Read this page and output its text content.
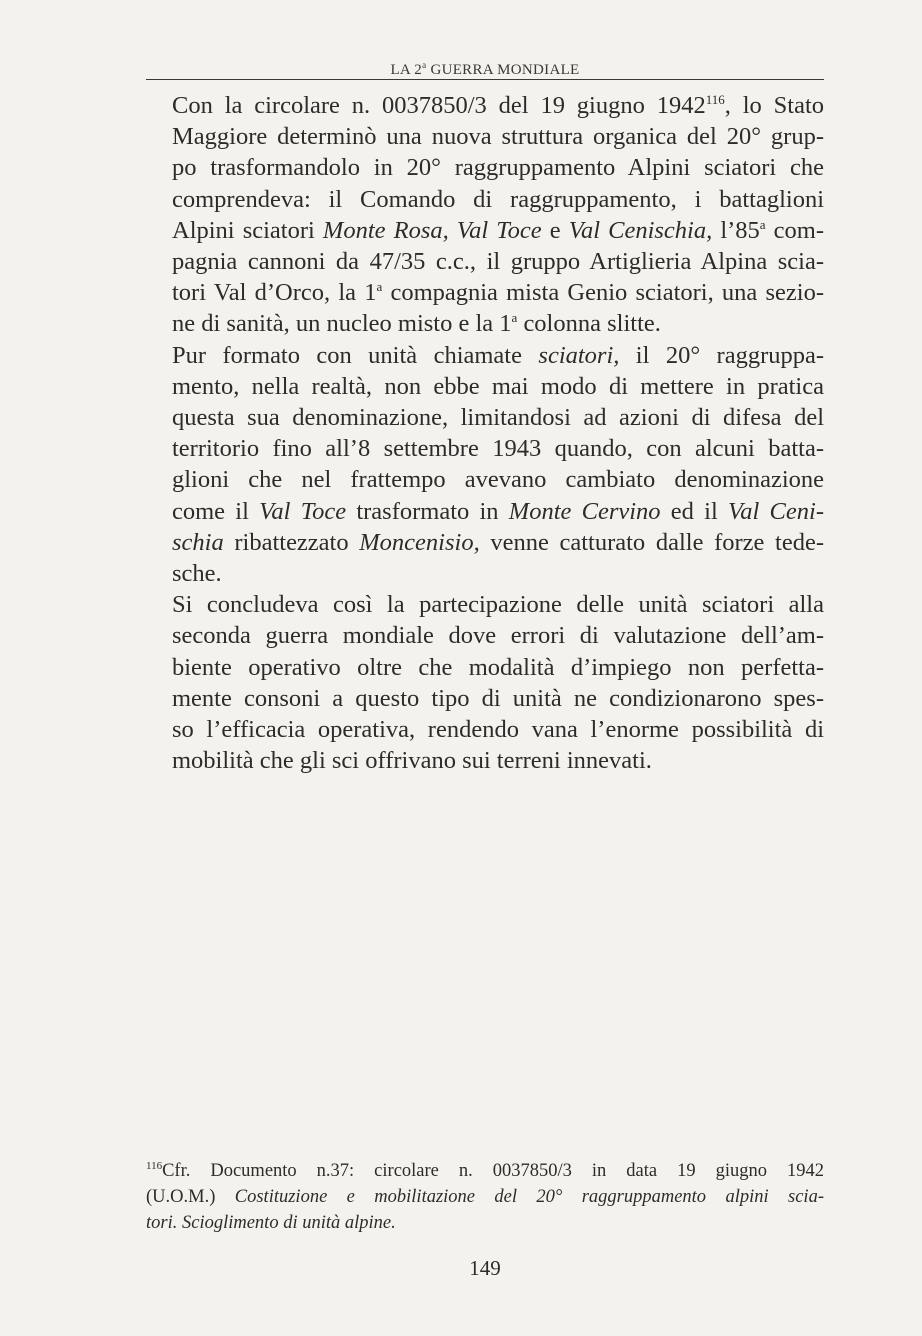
LA 2$^a$ GUERRA MONDIALE

Con la circolare n. 0037850/3 del 19 giugno 1942$^{116}$, lo Stato
Maggiore determinò una nuova struttura organica del 20° grup-
po trasformandolo in 20° raggruppamento Alpini sciatori che
comprendeva: il Comando di raggruppamento, i battaglioni
Alpini sciatori Monte Rosa, Val Toce e Val Cenischia, l’85$^a$ com-
pagnia cannoni da 47/35 c.c., il gruppo Artiglieria Alpina scia-
tori Val d’Orco, la 1$^a$ compagnia mista Genio sciatori, una sezio-
ne di sanità, un nucleo misto e la 1$^a$ colonna slitte.

Pur formato con unità chiamate sciatori, il 20° raggruppa-
mento, nella realtà, non ebbe mai modo di mettere in pratica
questa sua denominazione, limitandosi ad azioni di difesa del
territorio fino all’8 settembre 1943 quando, con alcuni batta-
glioni che nel frattempo avevano cambiato denominazione
come il Val Toce trasformato in Monte Cervino ed il Val Ceni-
schia ribattezzato Moncenisio, venne catturato dalle forze tede-
sche.

Si concludeva così la partecipazione delle unità sciatori alla
seconda guerra mondiale dove errori di valutazione dell’am-
biente operativo oltre che modalità d’impiego non perfetta-
mente consoni a questo tipo di unità ne condizionarono spes-
so l’efficacia operativa, rendendo vana l’enorme possibilità di
mobilità che gli sci offrivano sui terreni innevati.

$^{116}$Cfr. Documento n.37: circolare n. 0037850/3 in data 19 giugno 1942
(U.O.M.) Costituzione e mobilitazione del 20° raggruppamento alpini scia-
tori. Scioglimento di unità alpine.
149
